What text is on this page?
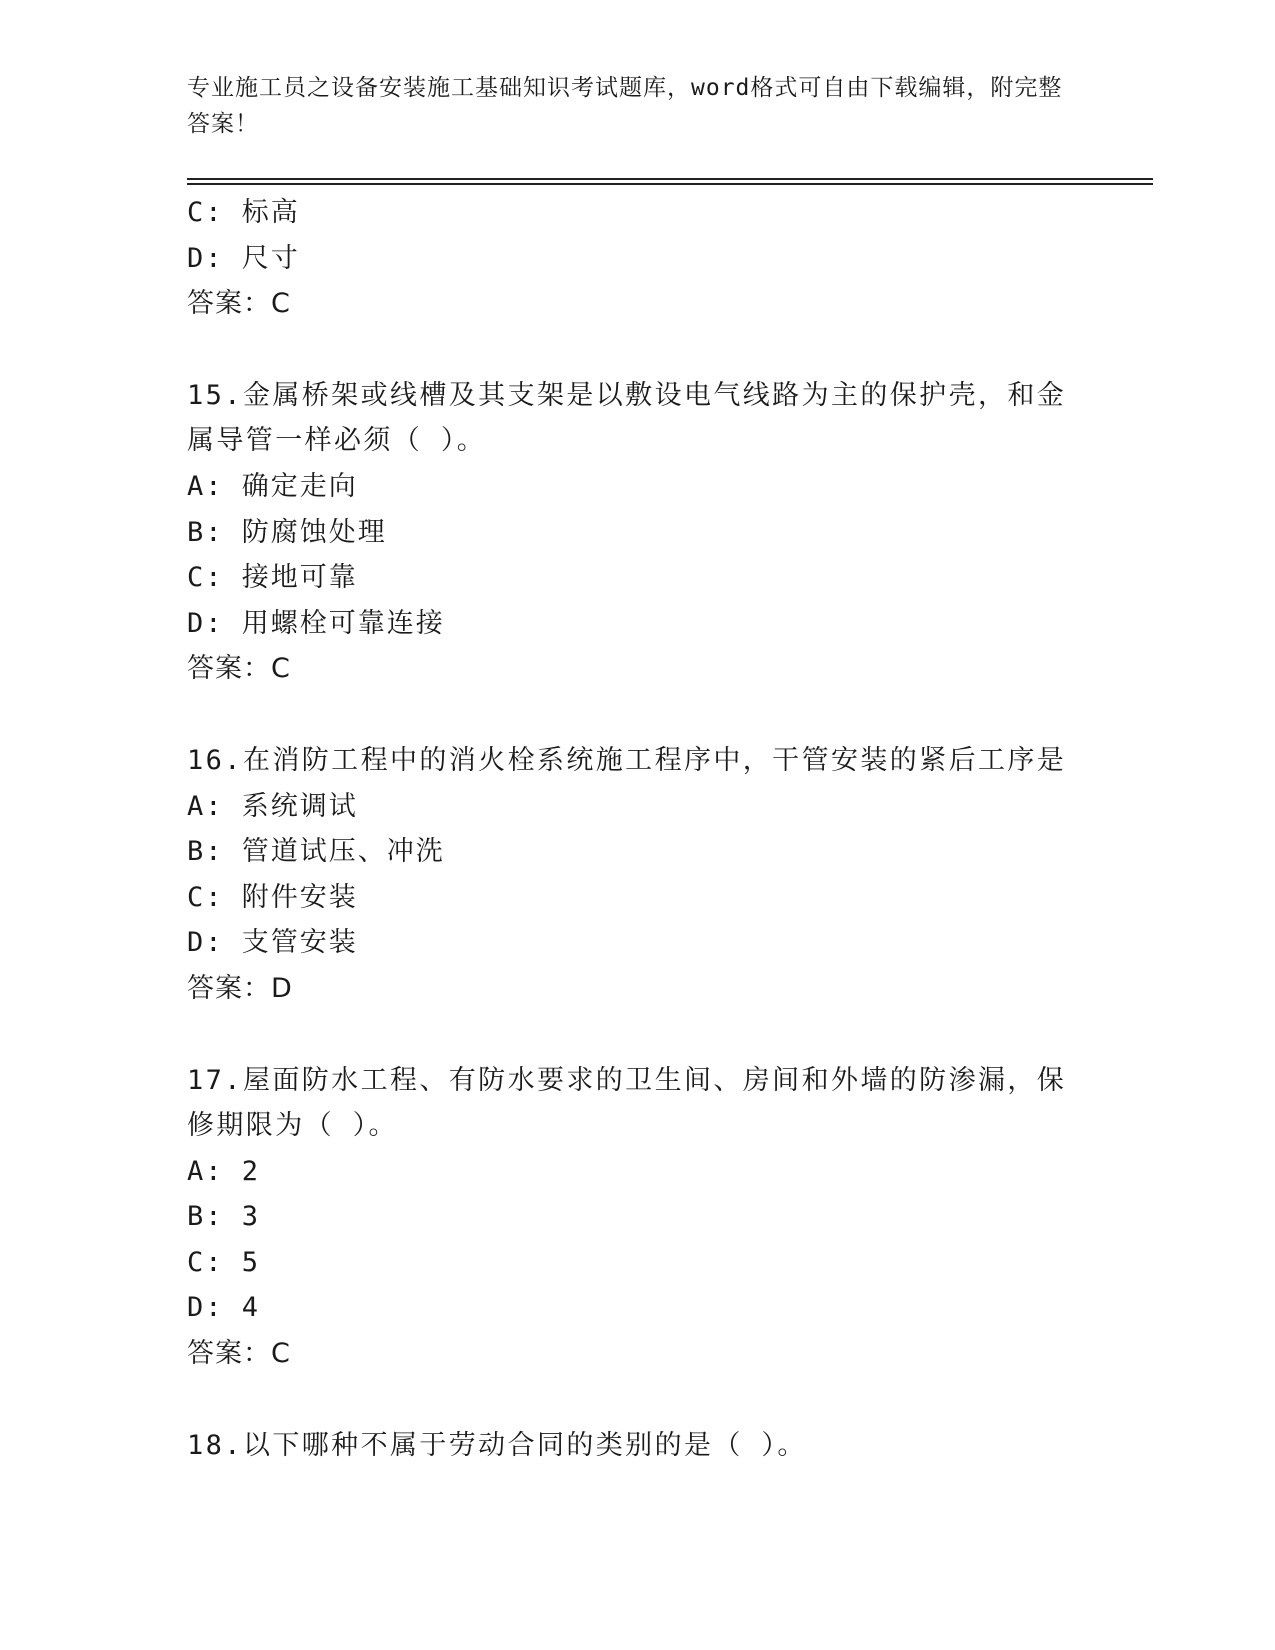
专业施工员之设备安装施工基础知识考试题库，word格式可自由下载编辑，附完整答案！
C: 标高
D: 尺寸
答案：C
15.金属桥架或线槽及其支架是以敷设电气线路为主的保护壳，和金属导管一样必须（ ）。
A: 确定走向
B: 防腐蚀处理
C: 接地可靠
D: 用螺栓可靠连接
答案：C
16.在消防工程中的消火栓系统施工程序中，干管安装的紧后工序是
A: 系统调试
B: 管道试压、冲洗
C: 附件安装
D: 支管安装
答案：D
17.屋面防水工程、有防水要求的卫生间、房间和外墙的防渗漏，保修期限为（ ）。
A: 2
B: 3
C: 5
D: 4
答案：C
18.以下哪种不属于劳动合同的类别的是（ ）。
